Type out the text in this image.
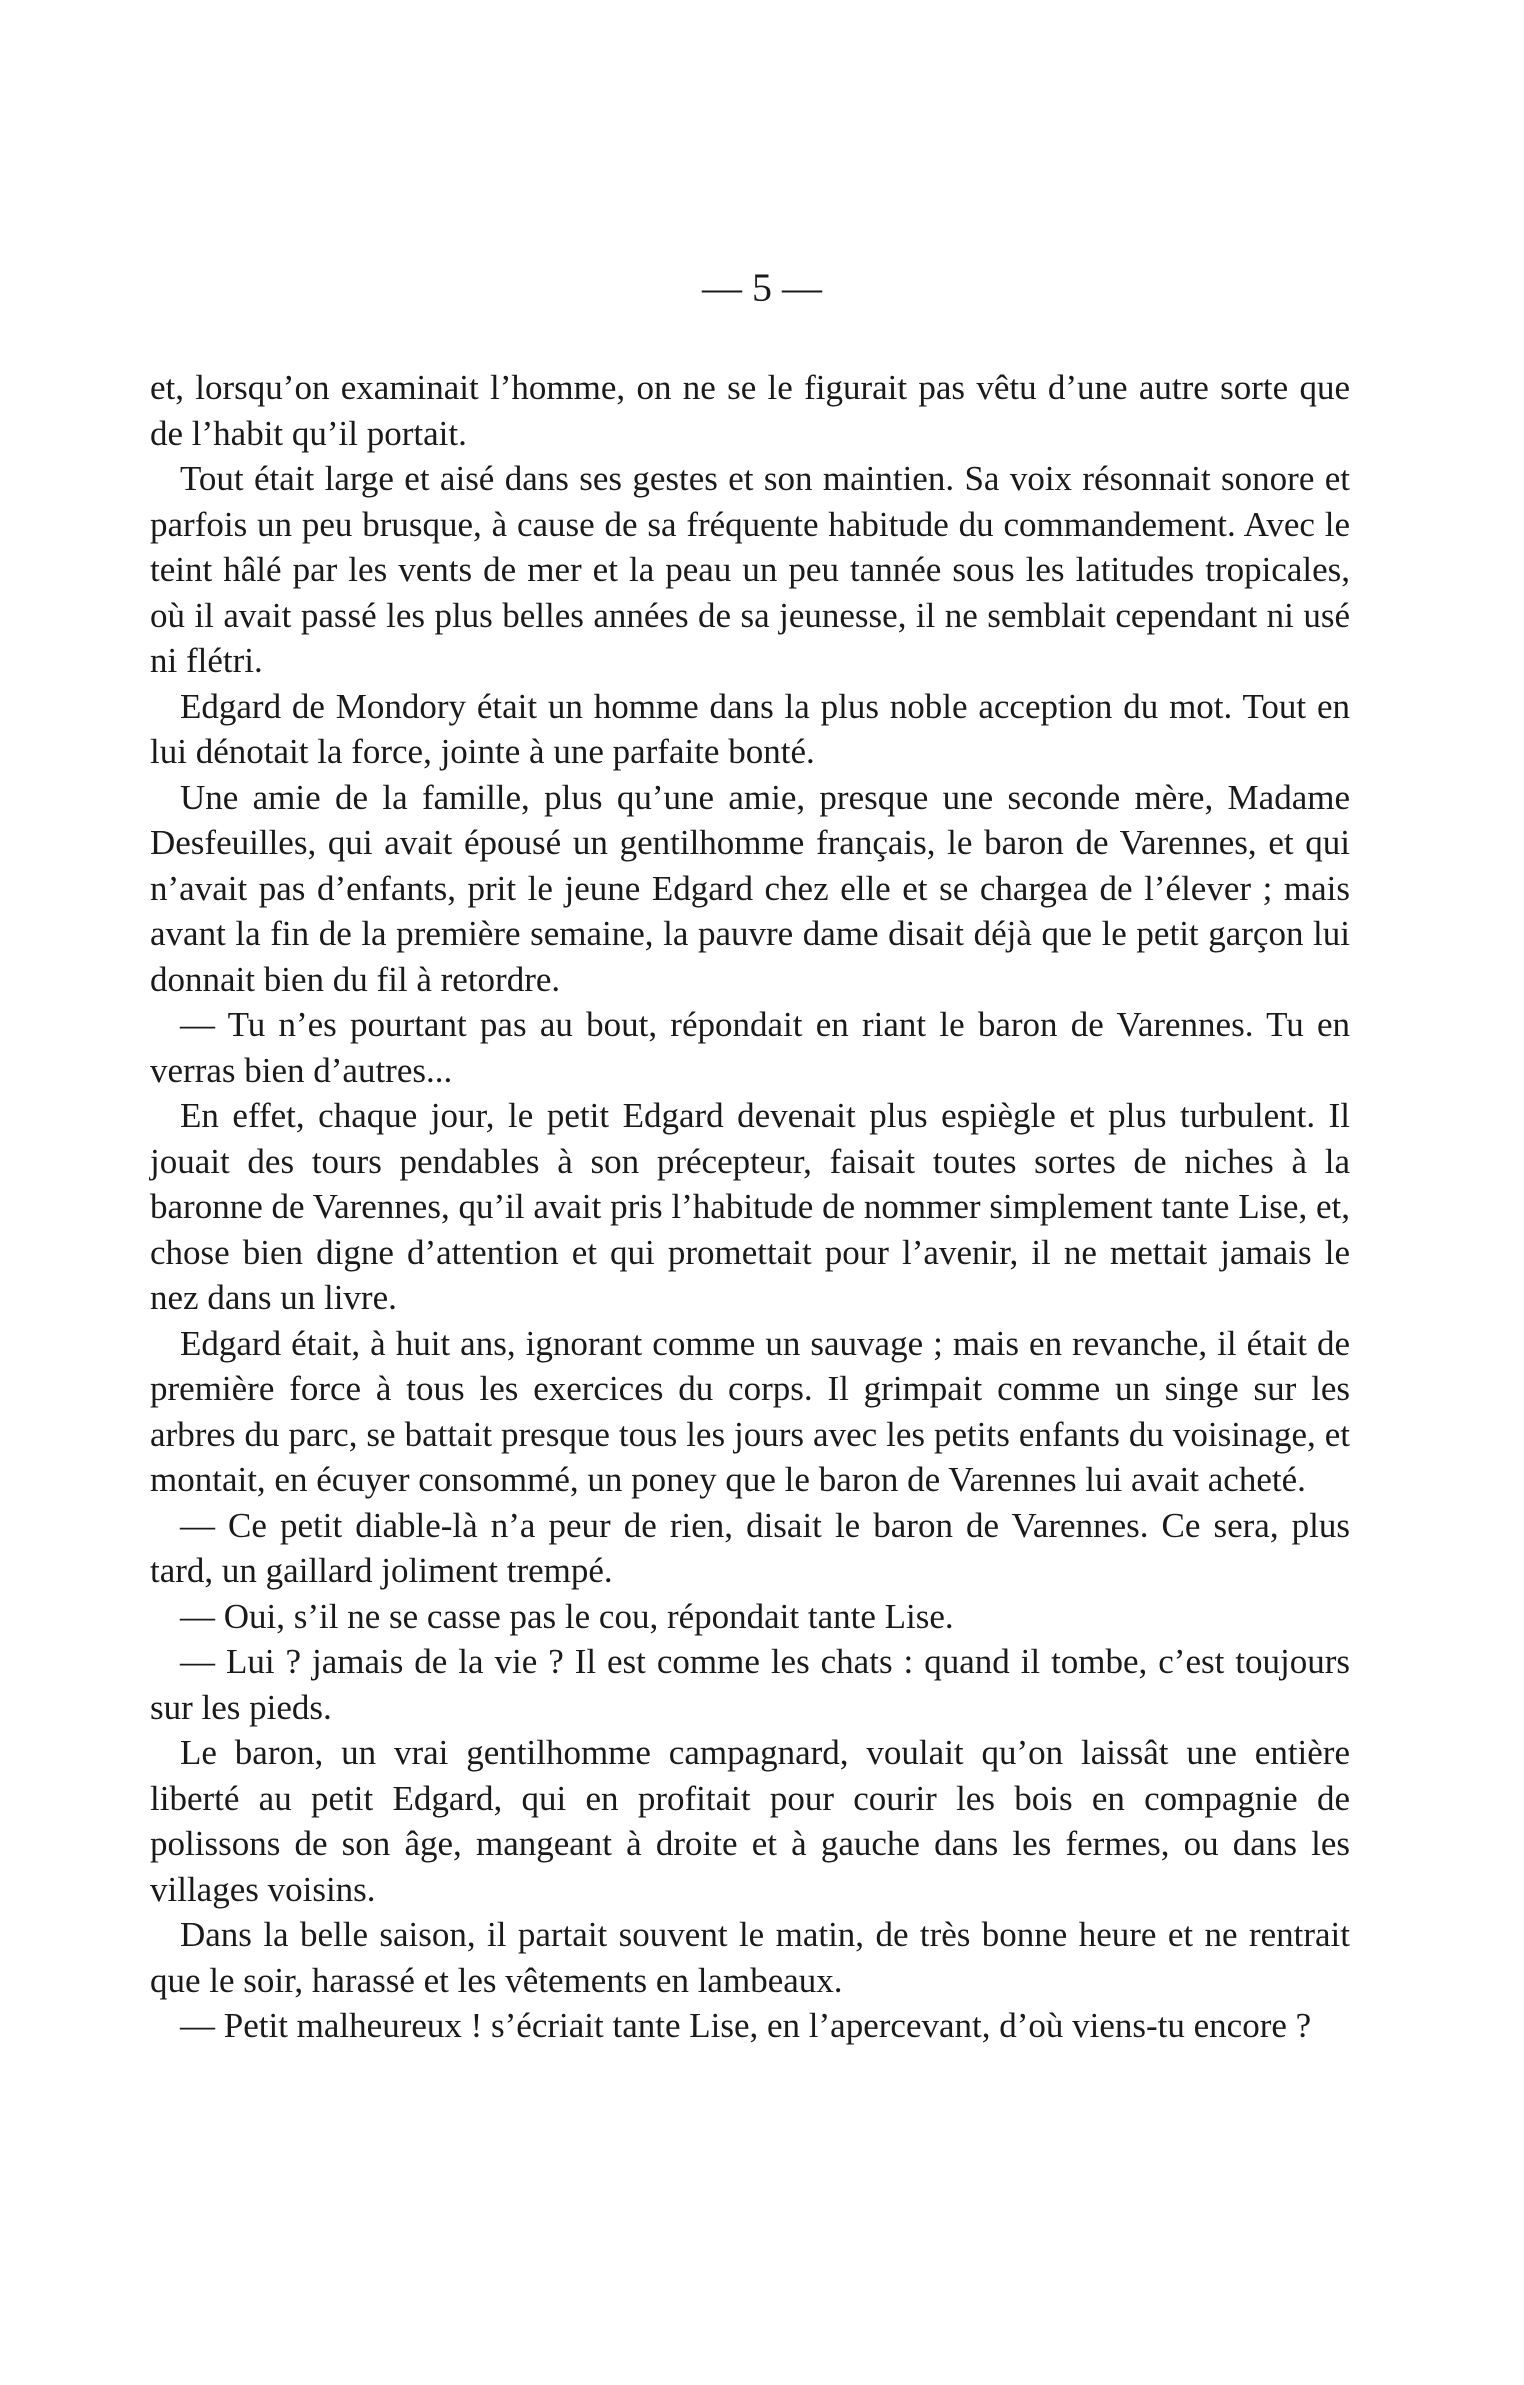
— 5 —

et, lorsqu’on examinait l’homme, on ne se le figurait pas vêtu d’une autre sorte que de l’habit qu’il portait.

Tout était large et aisé dans ses gestes et son maintien. Sa voix résonnait sonore et parfois un peu brusque, à cause de sa fréquente habitude du commandement. Avec le teint hâlé par les vents de mer et la peau un peu tannée sous les latitudes tropicales, où il avait passé les plus belles années de sa jeunesse, il ne semblait cependant ni usé ni flétri.

Edgard de Mondory était un homme dans la plus noble acception du mot. Tout en lui dénotait la force, jointe à une parfaite bonté.

Une amie de la famille, plus qu’une amie, presque une seconde mère, Madame Desfeuilles, qui avait épousé un gentilhomme français, le baron de Varennes, et qui n’avait pas d’enfants, prit le jeune Edgard chez elle et se chargea de l’élever ; mais avant la fin de la première semaine, la pauvre dame disait déjà que le petit garçon lui donnait bien du fil à retordre.

— Tu n’es pourtant pas au bout, répondait en riant le baron de Varennes. Tu en verras bien d’autres...

En effet, chaque jour, le petit Edgard devenait plus espiègle et plus turbulent. Il jouait des tours pendables à son précepteur, faisait toutes sortes de niches à la baronne de Varennes, qu’il avait pris l’habitude de nommer simplement tante Lise, et, chose bien digne d’attention et qui promettait pour l’avenir, il ne mettait jamais le nez dans un livre.

Edgard était, à huit ans, ignorant comme un sauvage ; mais en revanche, il était de première force à tous les exercices du corps. Il grimpait comme un singe sur les arbres du parc, se battait presque tous les jours avec les petits enfants du voisinage, et montait, en écuyer consommé, un poney que le baron de Varennes lui avait acheté.

— Ce petit diable-là n’a peur de rien, disait le baron de Varennes. Ce sera, plus tard, un gaillard joliment trempé.

— Oui, s’il ne se casse pas le cou, répondait tante Lise.

— Lui ? jamais de la vie ? Il est comme les chats : quand il tombe, c’est toujours sur les pieds.

Le baron, un vrai gentilhomme campagnard, voulait qu’on laissât une entière liberté au petit Edgard, qui en profitait pour courir les bois en compagnie de polissons de son âge, mangeant à droite et à gauche dans les fermes, ou dans les villages voisins.

Dans la belle saison, il partait souvent le matin, de très bonne heure et ne rentrait que le soir, harassé et les vêtements en lambeaux.

— Petit malheureux ! s’écriait tante Lise, en l’apercevant, d’où viens-tu encore ?
